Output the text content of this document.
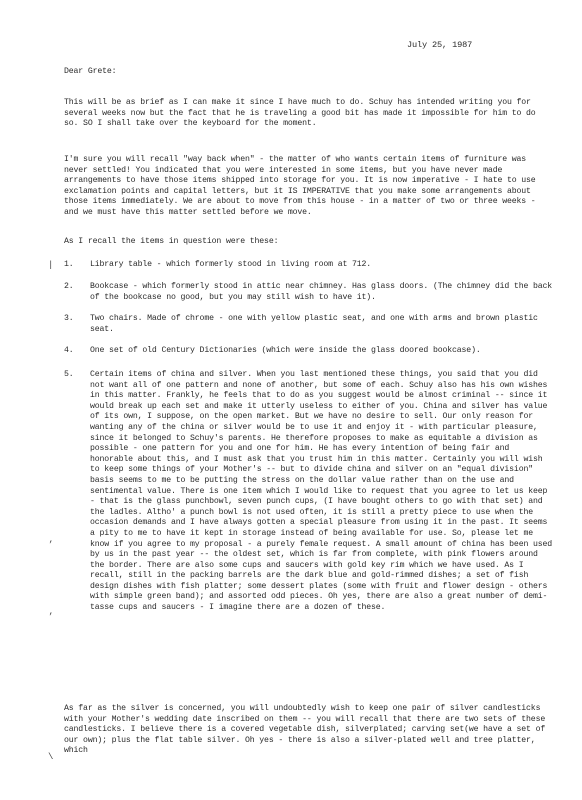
July 25, 1987
Dear Grete:

This will be as brief as I can make it since I have much to do. Schuy has intended writing you for several weeks now but the fact that he is traveling a good bit has made it impossible for him to do so. SO I shall take over the keyboard for the moment.

I'm sure you will recall "way back when" - the matter of who wants certain items of furniture was never settled! You indicated that you were interested in some items, but you have never made arrangements to have those items shipped into storage for you. It is now imperative - I hate to use exclamation points and capital letters, but it IS IMPERATIVE that you make some arrangements about those items immediately. We are about to move from this house - in a matter of two or three weeks - and we must have this matter settled before we move.

As I recall the items in question were these:

| 1.	Library table - which formerly stood in living room at 712.
2.	Bookcase - which formerly stood in attic near chimney. Has glass doors. (The chimney did the back of the bookcase no good, but you may still wish to have it).
3.	Two chairs. Made of chrome - one with yellow plastic seat, and one with arms and brown plastic seat.
4.	One set of old Century Dictionaries (which were inside the glass doored bookcase).
5.	Certain items of china and silver. When you last mentioned these things, you said that you did not want all of one pattern and none of another, but some of each. Schuy also has his own wishes in this matter. Frankly, he feels that to do as you suggest would be almost criminal -- since it would break up each set and make it utterly useless to either of you. China and silver has value of its own, I suppose, on the open market. But we have no desire to sell. Our only reason for wanting any of the china or silver would be to use it and enjoy it - with particular pleasure, since it belonged to Schuy's parents. He therefore proposes to make as equitable a division as possible - one pattern for you and one for him. He has every intention of being fair and honorable about this, and I must ask that you trust him in this matter. Certainly you will wish to keep some things of your Mother's -- but to divide china and silver on an "equal division" basis seems to me to be putting the stress on the dollar value rather than on the use and sentimental value. There is one item which I would like to request that you agree to let us keep - that is the glass punchbowl, seven punch cups, (I have bought others to go with that set) and the ladles. Altho' a punch bowl is not used often, it is still a pretty piece to use when the occasion demands and I have always gotten a special pleasure from using it in the past. It seems a pity to me to have it kept in storage instead of being available for use. So, please let me know if you agree to my proposal - a purely female request. A small amount of china has been used by us in the past year -- the oldest set, which is far from complete, with pink flowers around the border. There are also some cups and saucers with gold key rim which we have used. As I recall, still in the packing barrels are the dark blue and gold-rimmed dishes; a set of fish design dishes with fish platter; some dessert plates (some with fruit and flower design - others with simple green band); and assorted odd pieces. Oh yes, there are also a great number of demi-tasse cups and saucers - I imagine there are a dozen of these.
’
’
\

As far as the silver is concerned, you will undoubtedly wish to keep one pair of silver candlesticks with your Mother's wedding date inscribed on them -- you will recall that there are two sets of these candlesticks. I believe there is a covered vegetable dish, silverplated; carving set(we have a set of our own); plus the flat table silver. Oh yes - there is also a silver-plated well and tree platter, which
